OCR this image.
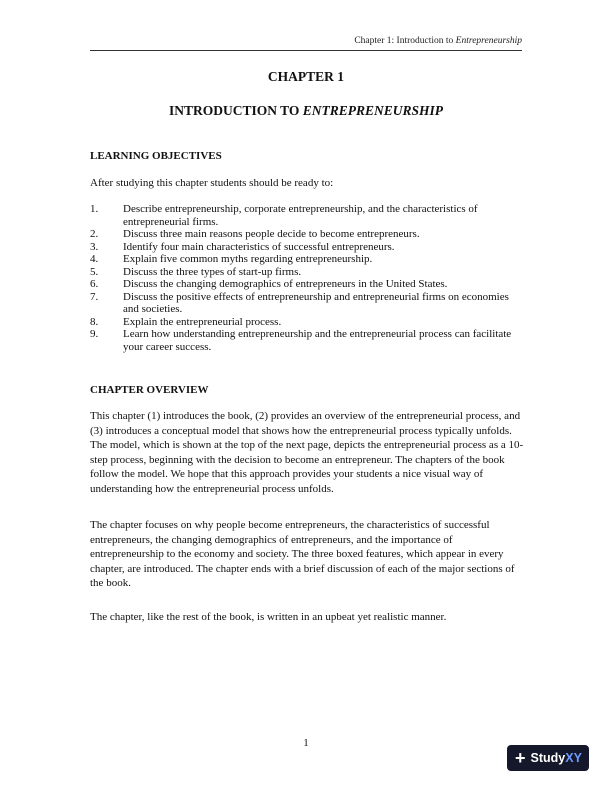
Chapter 1: Introduction to Entrepreneurship
CHAPTER 1
INTRODUCTION TO ENTREPRENEURSHIP
LEARNING OBJECTIVES

After studying this chapter students should be ready to:

1. Describe entrepreneurship, corporate entrepreneurship, and the characteristics of entrepreneurial firms.
2. Discuss three main reasons people decide to become entrepreneurs.
3. Identify four main characteristics of successful entrepreneurs.
4. Explain five common myths regarding entrepreneurship.
5. Discuss the three types of start-up firms.
6. Discuss the changing demographics of entrepreneurs in the United States.
7. Discuss the positive effects of entrepreneurship and entrepreneurial firms on economies and societies.
8. Explain the entrepreneurial process.
9. Learn how understanding entrepreneurship and the entrepreneurial process can facilitate your career success.
CHAPTER OVERVIEW

This chapter (1) introduces the book, (2) provides an overview of the entrepreneurial process, and (3) introduces a conceptual model that shows how the entrepreneurial process typically unfolds. The model, which is shown at the top of the next page, depicts the entrepreneurial process as a 10-step process, beginning with the decision to become an entrepreneur. The chapters of the book follow the model. We hope that this approach provides your students a nice visual way of understanding how the entrepreneurial process unfolds.

The chapter focuses on why people become entrepreneurs, the characteristics of successful entrepreneurs, the changing demographics of entrepreneurs, and the importance of entrepreneurship to the economy and society. The three boxed features, which appear in every chapter, are introduced. The chapter ends with a brief discussion of each of the major sections of the book.

The chapter, like the rest of the book, is written in an upbeat yet realistic manner.

1
+ Study XY
